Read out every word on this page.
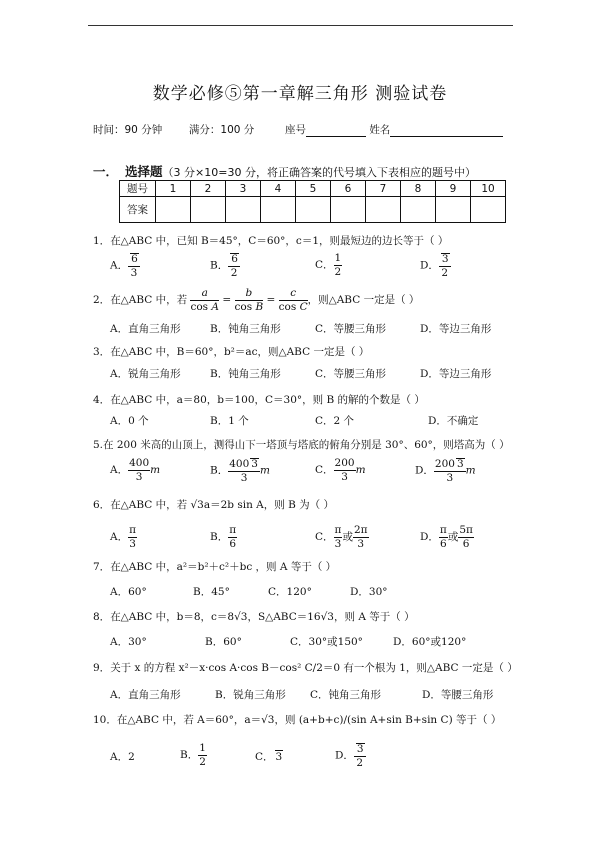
数学必修⑤第一章解三角形 测验试卷
时间：90 分钟	满分：100 分	座号	姓名
一． 选择题（3 分×10=30 分，将正确答案的代号填入下表相应的题号中）
题号	1	2	3	4	5	6	7	8	9	10
答案										
1．在△ABC 中，已知 B＝45°，C＝60°，c＝1，则最短边的边长等于（ ）
A． $\frac{6}{3}$	B． $\frac{6}{2}$	C． $\frac{1}{2}$	D． $\frac{3}{2}$
2．在△ABC 中，若 $\frac{a}{\text{cos A}} = \frac{b}{\text{cos B}} = \frac{c}{\text{cos C}}$ ，则△ABC 一定是（ ）
A．直角三角形	B．钝角三角形	C．等腰三角形	D．等边三角形
3．在△ABC 中，B＝60°，b²＝ac，则△ABC 一定是（ ）
A．锐角三角形	B．钝角三角形	C．等腰三角形	D．等边三角形
4．在△ABC 中，a＝80，b＝100，C＝30°，则 B 的解的个数是（ ）
A．0 个	B．1 个	C．2 个	D．不确定
5.在 200 米高的山顶上，测得山下一塔顶与塔底的俯角分别是 30°、60°，则塔高为（ ）
A． $\frac{400}{3}$ m	B． $\frac{400 3}{3}$ m	C． $\frac{200}{3}$ m	D． $\frac{200 3}{3}$ m
6．在△ABC 中，若 √3a＝2b sin A，则 B 为（ ）
A． $\frac{\pi}{3}$	B． $\frac{\pi}{6}$	C． $\frac{\pi}{3}$ 或 $\frac{2\pi}{3}$	D． $\frac{\pi}{6}$ 或 $\frac{5\pi}{6}$
7．在△ABC 中，a²＝b²＋c²＋bc ，则 A 等于（ ）
A．60°	B．45°	C．120°	D．30°
8．在△ABC 中，b＝8，c＝8√3，S△ABC＝16√3，则 A 等于（ ）
A．30°	B．60°	C．30°或150°	D．60°或120°
9．关于 x 的方程 x²－x·cos A·cos B－cos² C/2＝0 有一个根为 1，则△ABC 一定是（ ）
A．直角三角形	B．锐角三角形 C．钝角三角形	D．等腰三角形
10．在△ABC 中，若 A＝60°，a＝√3，则 (a+b+c)/(sin A+sin B+sin C) 等于（ ）
A．2	B． $\frac{1}{2}$	C． 3	D． $\frac{3}{2}$
